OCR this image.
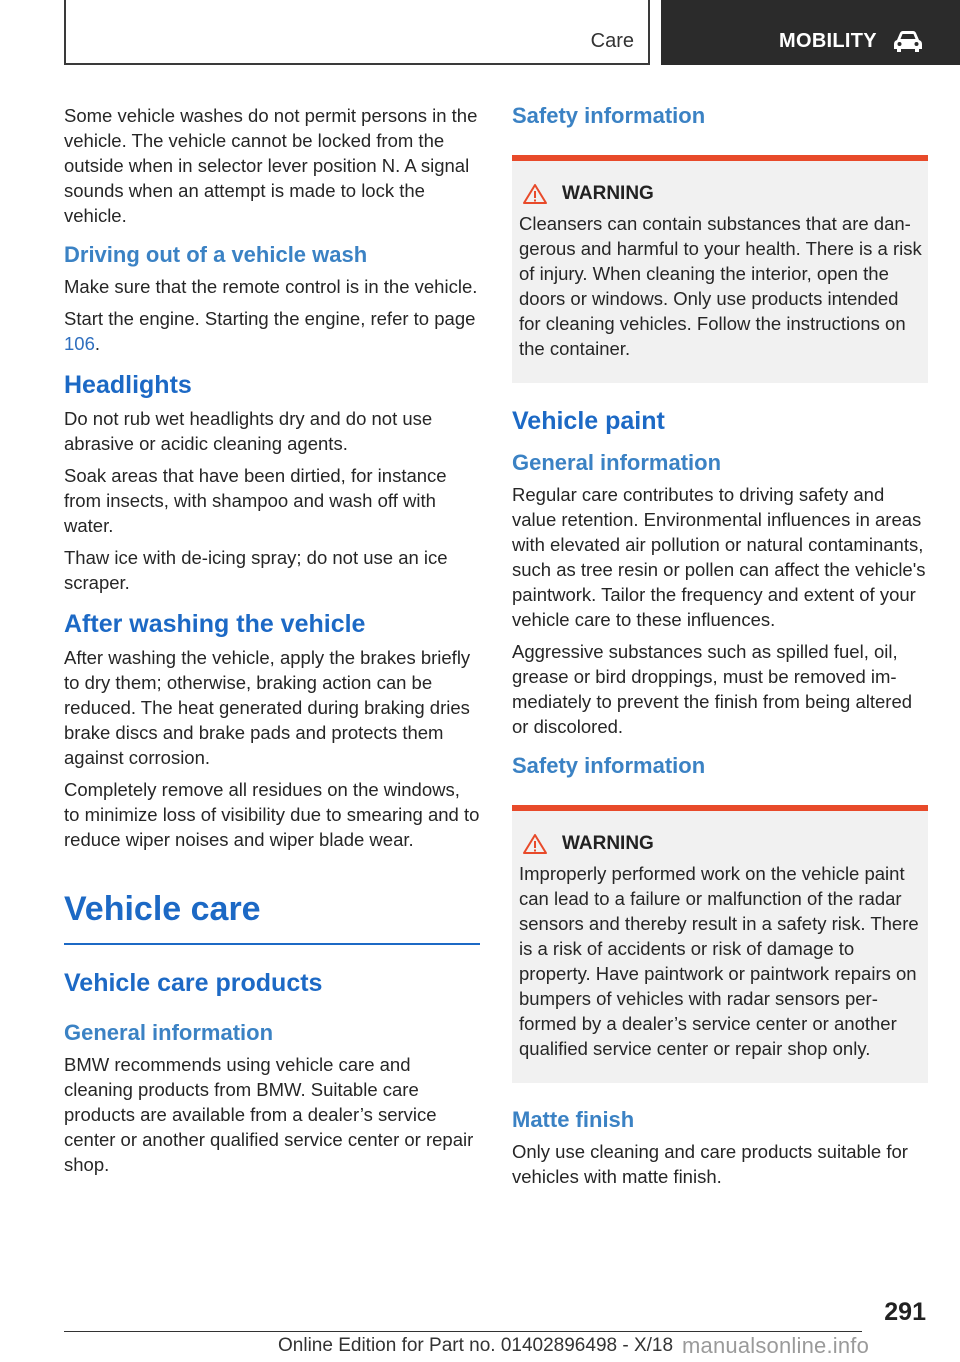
Care	MOBILITY

Some vehicle washes do not permit persons in the vehicle. The vehicle cannot be locked from the outside when in selector lever position N. A signal sounds when an attempt is made to lock the vehicle.

Driving out of a vehicle wash

Make sure that the remote control is in the vehicle.

Start the engine. Starting the engine, refer to page 106.

Headlights

Do not rub wet headlights dry and do not use abrasive or acidic cleaning agents.

Soak areas that have been dirtied, for instance from insects, with shampoo and wash off with water.

Thaw ice with de-icing spray; do not use an ice scraper.

After washing the vehicle

After washing the vehicle, apply the brakes briefly to dry them; otherwise, braking action can be reduced. The heat generated during braking dries brake discs and brake pads and protects them against corrosion.

Completely remove all residues on the windows, to minimize loss of visibility due to smearing and to reduce wiper noises and wiper blade wear.

Vehicle care
Vehicle care products
General information

BMW recommends using vehicle care and cleaning products from BMW. Suitable care products are available from a dealer’s service center or another qualified service center or repair shop.

Safety information
WARNING

Cleansers can contain substances that are dangerous and harmful to your health. There is a risk of injury. When cleaning the interior, open the doors or windows. Only use products intended for cleaning vehicles. Follow the instructions on the container.

Vehicle paint
General information

Regular care contributes to driving safety and value retention. Environmental influences in areas with elevated air pollution or natural contaminants, such as tree resin or pollen can affect the vehicle's paintwork. Tailor the frequency and extent of your vehicle care to these influences.

Aggressive substances such as spilled fuel, oil, grease or bird droppings, must be removed immediately to prevent the finish from being altered or discolored.

Safety information
WARNING

Improperly performed work on the vehicle paint can lead to a failure or malfunction of the radar sensors and thereby result in a safety risk. There is a risk of accidents or risk of damage to property. Have paintwork or paintwork repairs on bumpers of vehicles with radar sensors performed by a dealer’s service center or another qualified service center or repair shop only.

Matte finish

Only use cleaning and care products suitable for vehicles with matte finish.

291
Online Edition for Part no. 01402896498 - X/18 manualsonline.info
